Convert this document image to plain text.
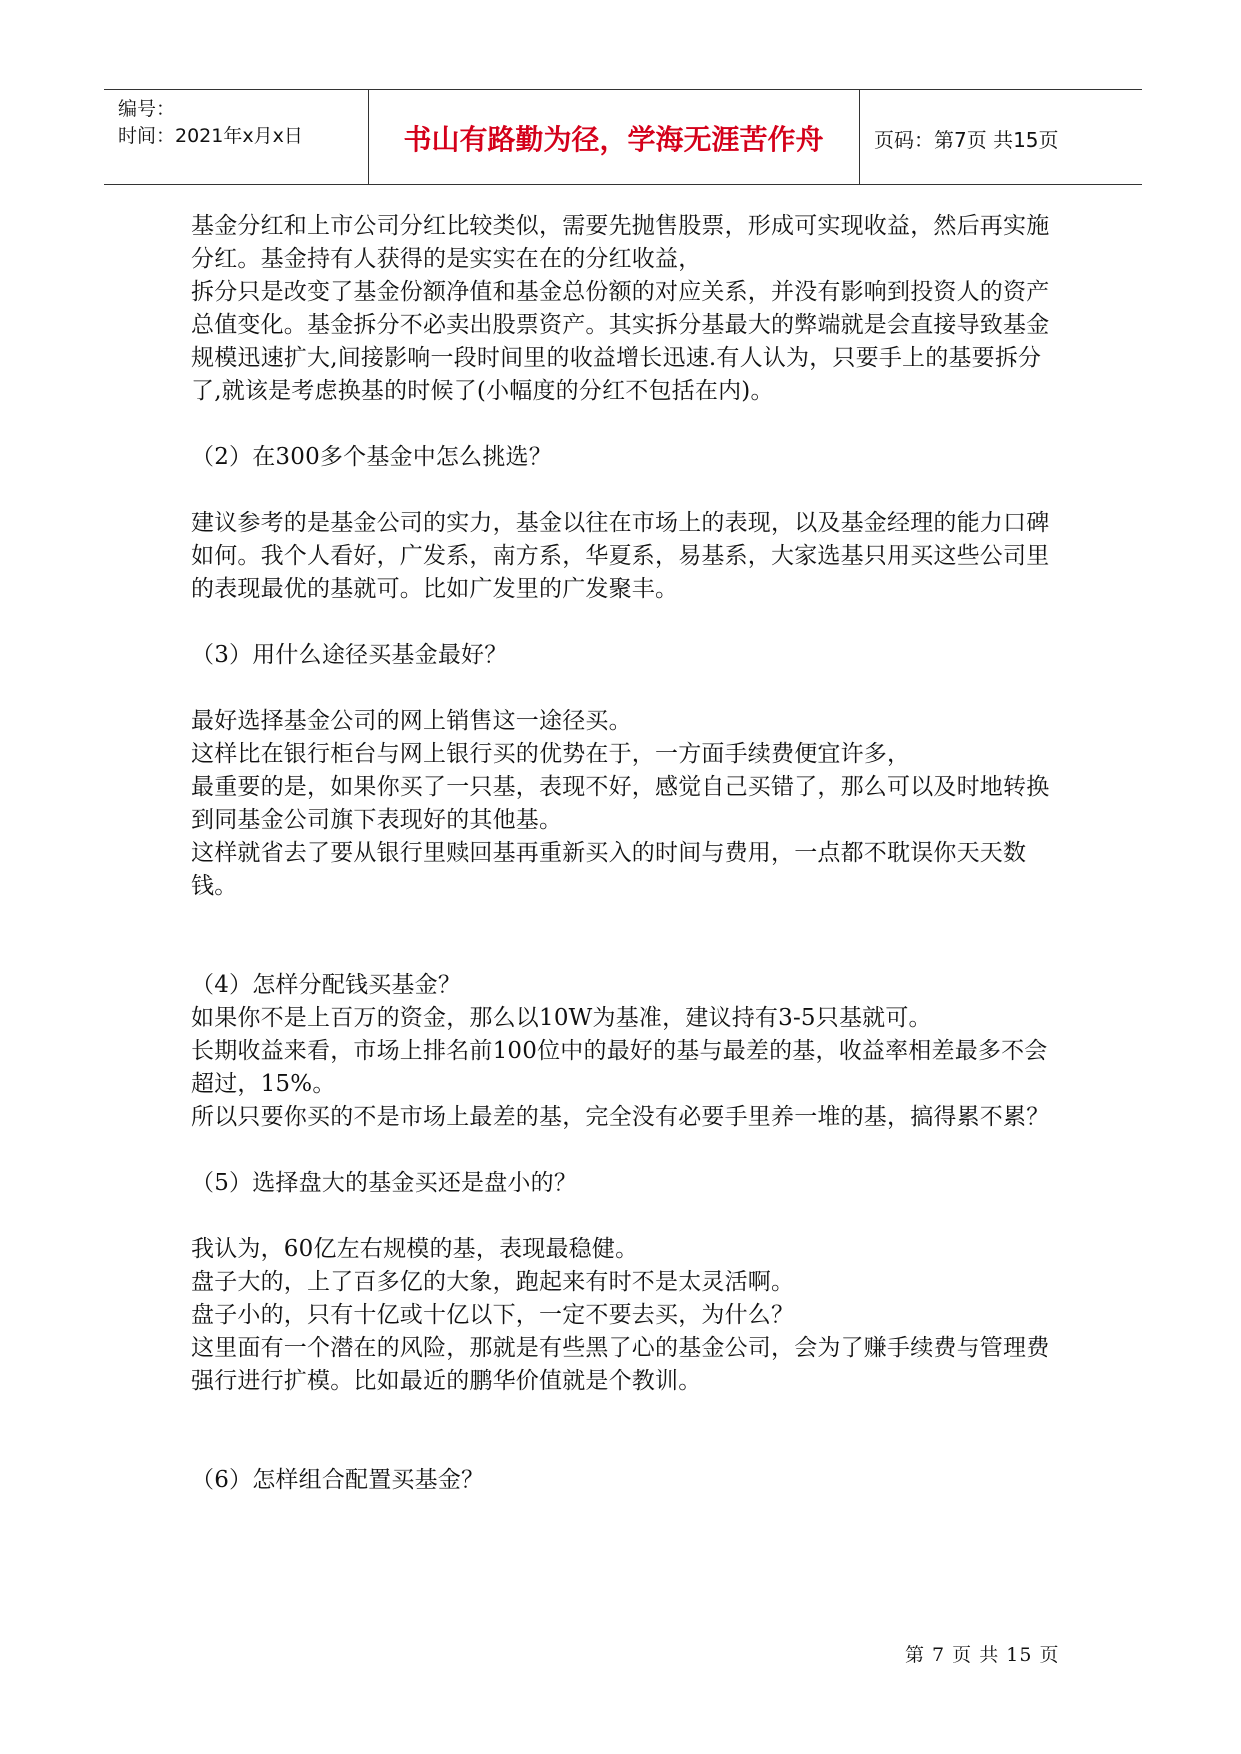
编号：
时间：2021年x月x日	书山有路勤为径，学海无涯苦作舟	页码：第7页 共15页

基金分红和上市公司分红比较类似，需要先抛售股票，形成可实现收益，然后再实施分红。基金持有人获得的是实实在在的分红收益，

拆分只是改变了基金份额净值和基金总份额的对应关系，并没有影响到投资人的资产总值变化。基金拆分不必卖出股票资产。其实拆分基最大的弊端就是会直接导致基金规模迅速扩大,间接影响一段时间里的收益增长迅速.有人认为，只要手上的基要拆分了,就该是考虑换基的时候了(小幅度的分红不包括在内)。

（2）在300多个基金中怎么挑选？

建议参考的是基金公司的实力，基金以往在市场上的表现，以及基金经理的能力口碑如何。我个人看好，广发系，南方系，华夏系，易基系，大家选基只用买这些公司里的表现最优的基就可。比如广发里的广发聚丰。

（3）用什么途径买基金最好？

最好选择基金公司的网上销售这一途径买。

这样比在银行柜台与网上银行买的优势在于，一方面手续费便宜许多，

最重要的是，如果你买了一只基，表现不好，感觉自己买错了，那么可以及时地转换到同基金公司旗下表现好的其他基。

这样就省去了要从银行里赎回基再重新买入的时间与费用，一点都不耽误你天天数钱。

（4）怎样分配钱买基金？

如果你不是上百万的资金，那么以10W为基准，建议持有3-5只基就可。

长期收益来看，市场上排名前100位中的最好的基与最差的基，收益率相差最多不会超过，15%。

所以只要你买的不是市场上最差的基，完全没有必要手里养一堆的基，搞得累不累？

（5）选择盘大的基金买还是盘小的？

我认为，60亿左右规模的基，表现最稳健。

盘子大的，上了百多亿的大象，跑起来有时不是太灵活啊。

盘子小的，只有十亿或十亿以下，一定不要去买，为什么？

这里面有一个潜在的风险，那就是有些黑了心的基金公司，会为了赚手续费与管理费强行进行扩模。比如最近的鹏华价值就是个教训。

（6）怎样组合配置买基金？

第 7 页 共 15 页
